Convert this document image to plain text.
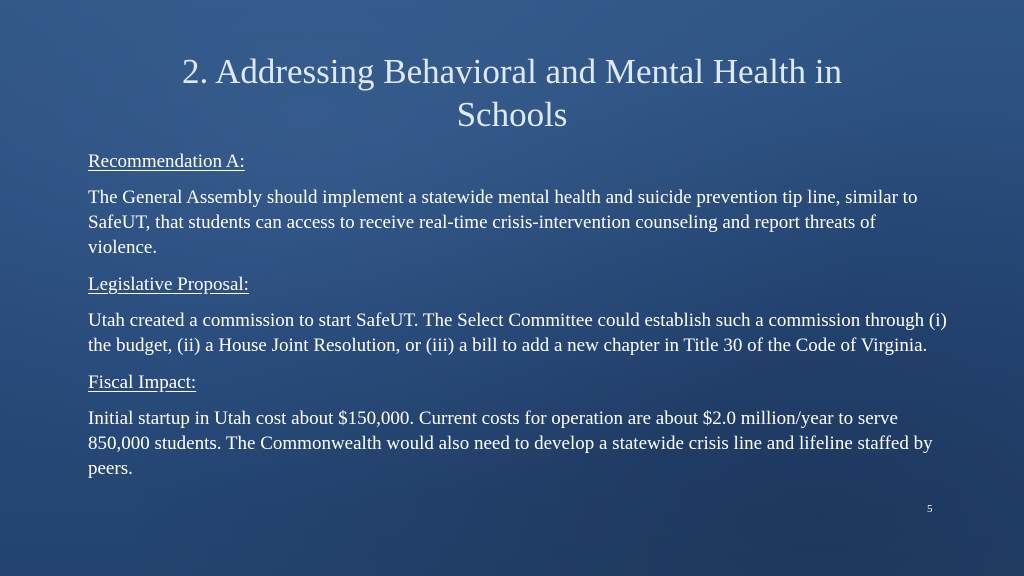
2. Addressing Behavioral and Mental Health in
Schools

Recommendation A:

The General Assembly should implement a statewide mental health and suicide prevention tip line, similar to SafeUT, that students can access to receive real-time crisis-intervention counseling and report threats of violence.

Legislative Proposal:

Utah created a commission to start SafeUT. The Select Committee could establish such a commission through (i) the budget, (ii) a House Joint Resolution, or (iii) a bill to add a new chapter in Title 30 of the Code of Virginia.

Fiscal Impact:

Initial startup in Utah cost about $150,000. Current costs for operation are about $2.0 million/year to serve 850,000 students. The Commonwealth would also need to develop a statewide crisis line and lifeline staffed by peers.

5
